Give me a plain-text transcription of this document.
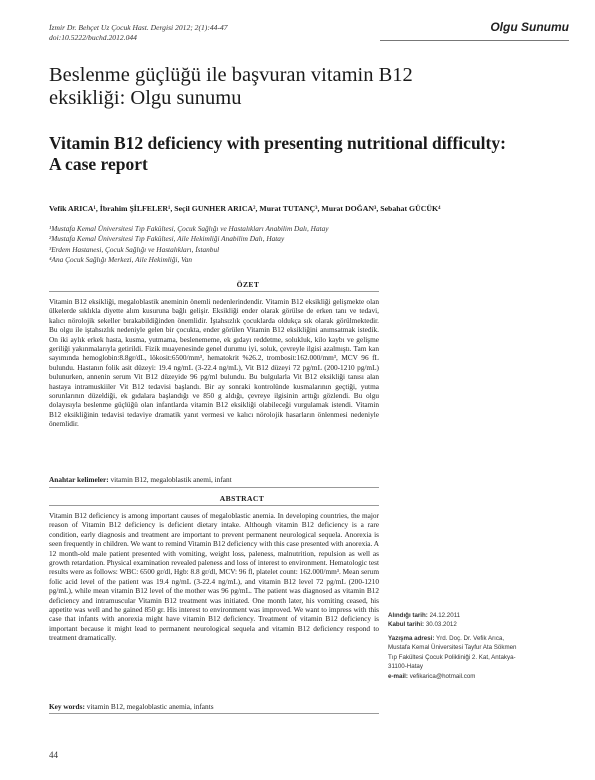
İzmir Dr. Behçet Uz Çocuk Hast. Dergisi 2012; 2(1):44-47
doi:10.5222/buchd.2012.044
Olgu Sunumu
Beslenme güçlüğü ile başvuran vitamin B12
eksikliği: Olgu sunumu
Vitamin B12 deficiency with presenting nutritional difficulty:
A case report
Vefik ARICA¹, İbrahim ŞİLFELER¹, Seçil GUNHER ARICA², Murat TUTANÇ³, Murat DOĞAN³, Sebahat GÜCÜK⁴
¹Mustafa Kemal Üniversitesi Tıp Fakültesi, Çocuk Sağlığı ve Hastalıkları Anabilim Dalı, Hatay
²Mustafa Kemal Üniversitesi Tıp Fakültesi, Aile Hekimliği Anabilim Dalı, Hatay
³Erdem Hastanesi, Çocuk Sağlığı ve Hastalıkları, İstanbul
⁴Ana Çocuk Sağlığı Merkezi, Aile Hekimliği, Van
ÖZET
Vitamin B12 eksikliği, megaloblastik aneminin önemli nedenlerindendir. Vitamin B12 eksikliği gelişmekte olan ülkelerde sıklıkla diyette alım kusuruna bağlı gelişir. Eksikliği ender olarak görülse de erken tanı ve tedavi, kalıcı nörolojik sekeller bırakabildiğinden önemlidir. İştahsızlık çocuklarda oldukça sık olarak görülmektedir. Bu olgu ile iştahsızlık nedeniyle gelen bir çocukta, ender görülen Vitamin B12 eksikliğini anımsatmak istedik. On iki aylık erkek hasta, kusma, yutmama, beslenememe, ek gıdayı reddetme, solukluk, kilo kaybı ve gelişme geriliği yakınmalarıyla getirildi. Fizik muayenesinde genel durumu iyi, soluk, çevreyle ilgisi azalmıştı. Tam kan sayımında hemoglobin:8.8gr/dL, lökosit:6500/mm³, hematokrit %26.2, trombosit:162.000/mm³, MCV 96 fL bulundu. Hastanın folik asit düzeyi: 19.4 ng/mL (3-22.4 ng/mL), Vit B12 düzeyi 72 pg/mL (200-1210 pg/mL) bulunurken, annenin serum Vit B12 düzeyide 96 pg/ml bulundu. Bu bulgularla Vit B12 eksikliği tanısı alan hastaya intramuskiiler Vit B12 tedavisi başlandı. Bir ay sonraki kontrolünde kusmalarının geçtiği, yutma sorunlarının düzeldiği, ek gıdalara başlandığı ve 850 g aldığı, çevreye ilgisinin arttığı gözlendi. Bu olgu dolayısıyla beslenme güçlüğü olan infantlarda vitamin B12 eksikliği olabileceği vurgulamak istendi. Vitamin B12 eksikliğinin tedavisi tedaviye dramatik yanıt vermesi ve kalıcı nörolojik hasarların önlenmesi nedeniyle önemlidir.
Anahtar kelimeler: vitamin B12, megaloblastik anemi, infant
ABSTRACT
Vitamin B12 deficiency is among important causes of megaloblastic anemia. In developing countries, the major reason of Vitamin B12 deficiency is deficient dietary intake. Although vitamin B12 deficiency is a rare condition, early diagnosis and treatment are important to prevent permanent neurological sequela. Anorexia is seen frequently in children. We want to remind Vitamin B12 deficiency with this case presented with anorexia. A 12 month-old male patient presented with vomiting, weight loss, paleness, malnutrition, repulsion as well as growth retardation. Physical examination revealed paleness and loss of interest to environment. Hematologic test results were as follows: WBC: 6500 gr/dl, Hgb: 8.8 gr/dl, MCV: 96 fl, platelet count: 162.000/mm³. Mean serum folic acid level of the patient was 19.4 ng/mL (3-22.4 ng/mL), and vitamin B12 level 72 pg/mL (200-1210 pg/mL), while mean vitamin B12 level of the mother was 96 pg/mL. The patient was diagnosed as vitamin B12 deficiency and intramuscular Vitamin B12 treatment was initiated. One month later, his vomiting ceased, his appetite was well and he gained 850 gr. His interest to environment was improved. We want to impress with this case that infants with anorexia might have vitamin B12 deficiency. Treatment of vitamin B12 deficiency is important because it might lead to permanent neurological sequela and vitamin B12 deficiency respond to treatment dramatically.
Key words: vitamin B12, megaloblastic anemia, infants
Alındığı tarih: 24.12.2011
Kabul tarihi: 30.03.2012
Yazışma adresi: Yrd. Doç. Dr. Vefik Arıca,
Mustafa Kemal Üniversitesi Tayfur Ata Sökmen
Tıp Fakültesi Çocuk Polikliniği 2. Kat, Antakya-
31100-Hatay
e-mail: vefikarica@hotmail.com
44
